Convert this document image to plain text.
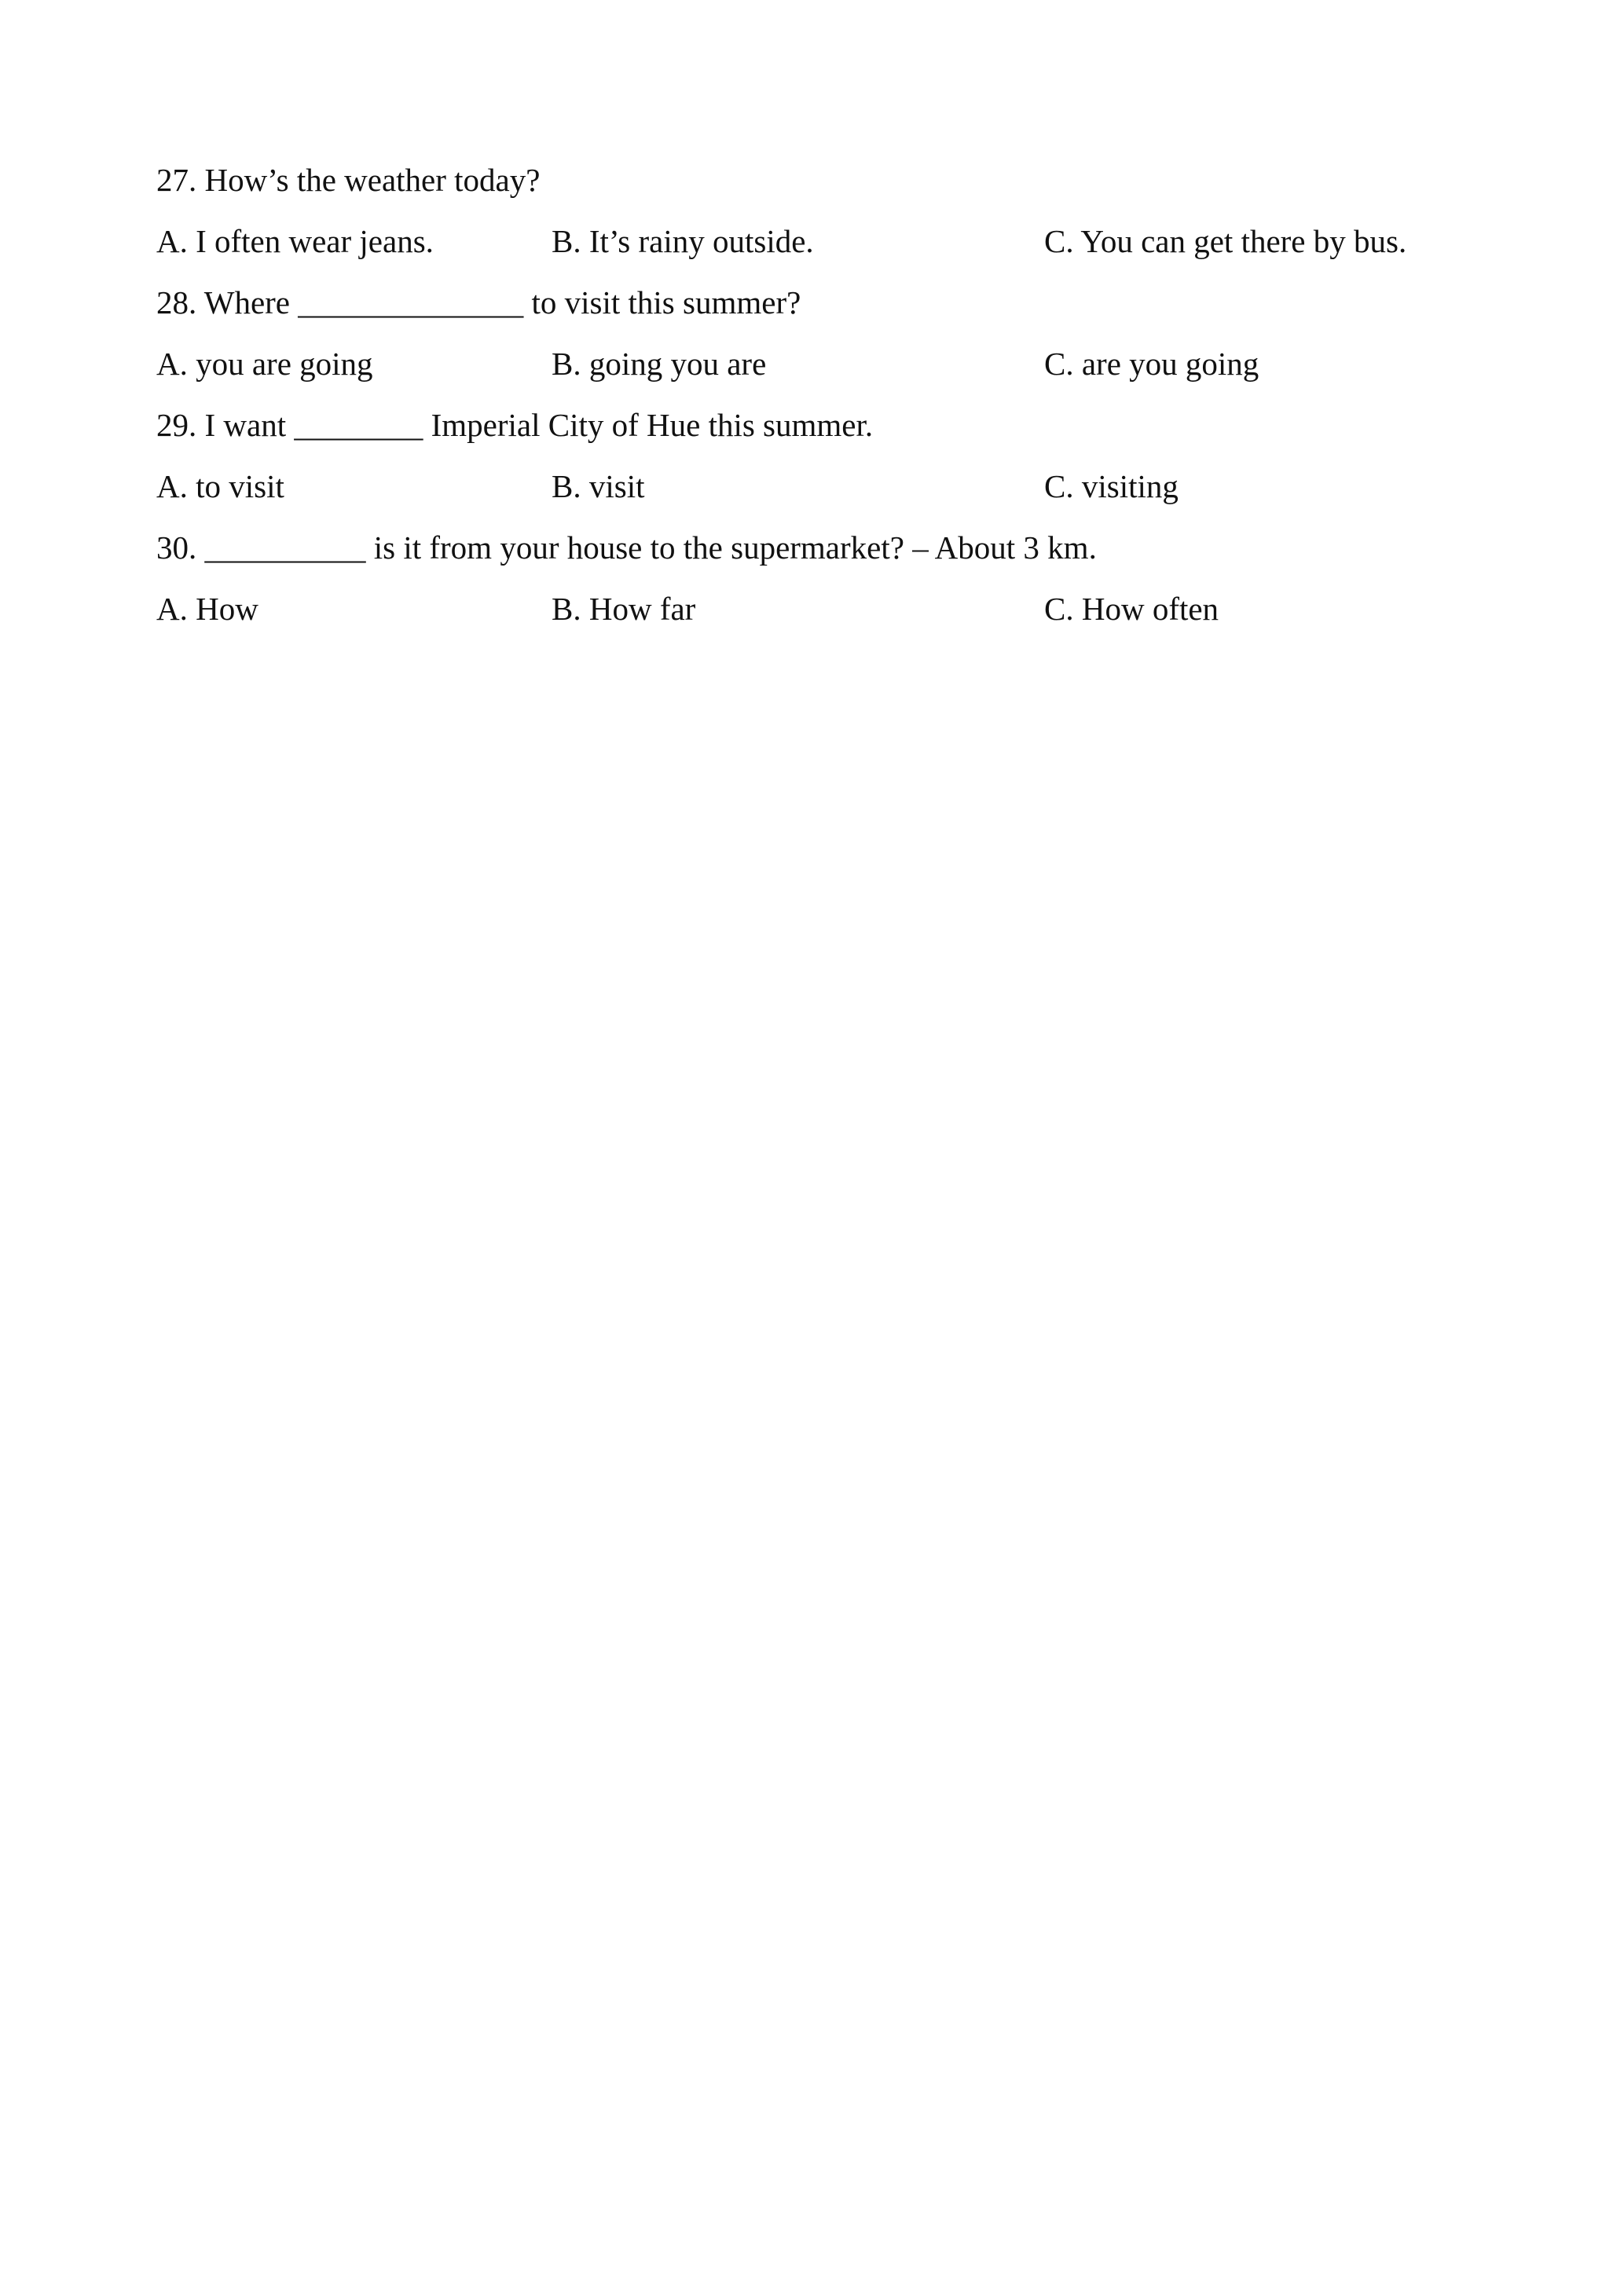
27. How’s the weather today?
A. I often wear jeans.	B. It’s rainy outside.	C. You can get there by bus.
28. Where ______________ to visit this summer?
A. you are going	B. going you are	C. are you going
29. I want ________ Imperial City of Hue this summer.
A. to visit	B. visit	C. visiting
30. __________ is it from your house to the supermarket? – About 3 km.
A. How	B. How far	C. How often
